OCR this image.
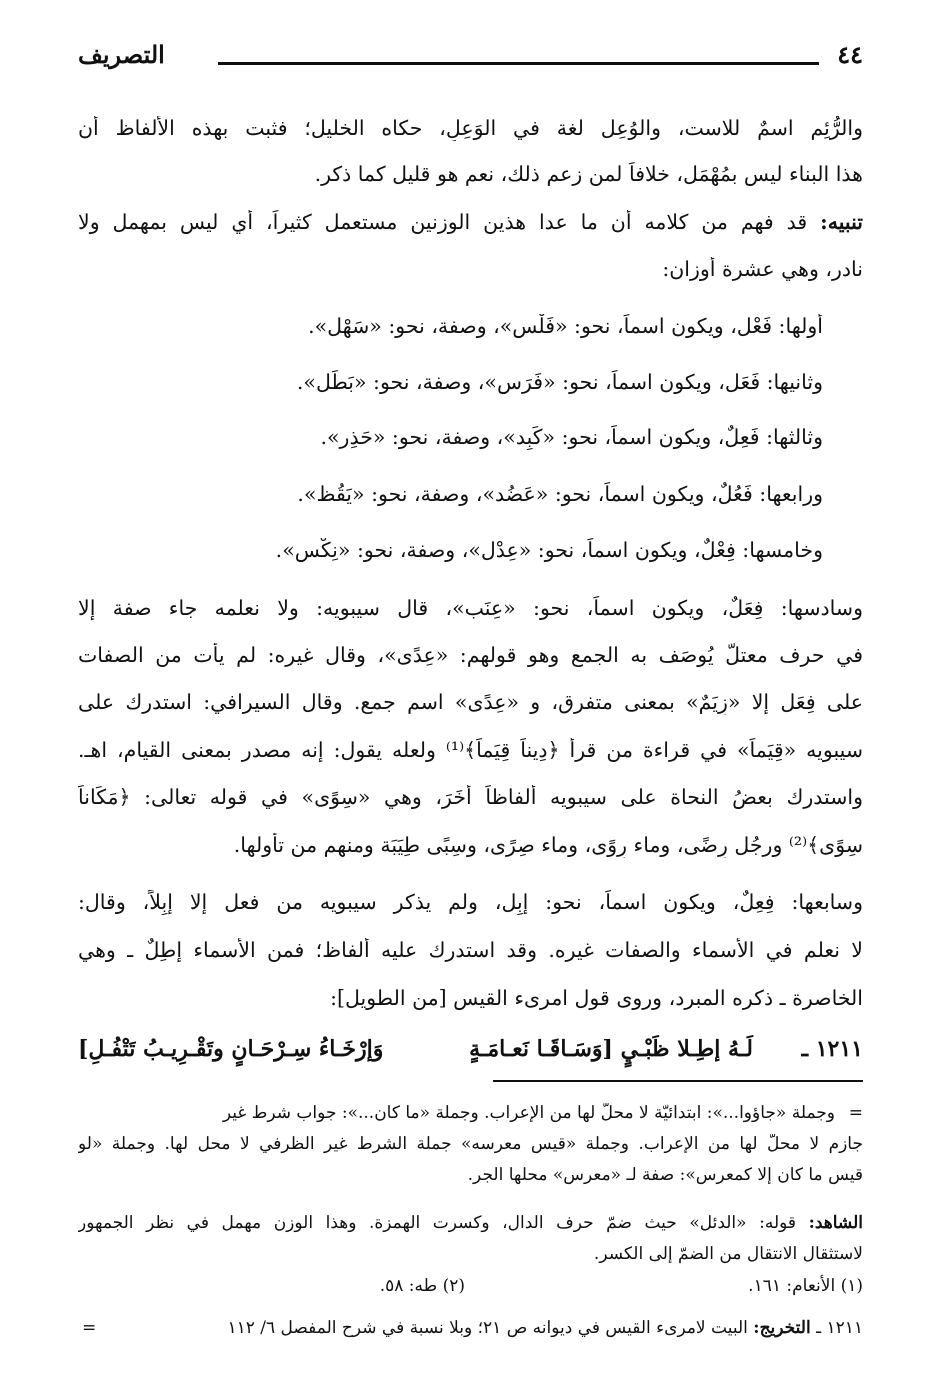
٤٤
التصريف
والرُّئِم اسمٌ للاست، والوُعِل لغة في الوَعِلِ، حكاه الخليل؛ فثبت بهذه الألفاظ أن
هذا البناء ليس بمُهْمَل، خلافاً لمن زعم ذلك، نعم هو قليل كما ذكر.
تنبيه: قد فهم من كلامه أن ما عدا هذين الوزنين مستعمل كثيراً، أي ليس بمهمل ولا
نادر، وهي عشرة أوزان:
أولها: فَعْل، ويكون اسماً، نحو: «فَلْس»، وصفة، نحو: «سَهْل».
وثانيها: فَعَل، ويكون اسماً، نحو: «فَرَس»، وصفة، نحو: «بَطَل».
وثالثها: فَعِلٌ، ويكون اسماً، نحو: «كَبِد»، وصفة، نحو: «حَذِر».
ورابعها: فَعُلٌ، ويكون اسماً، نحو: «عَضُد»، وصفة، نحو: «يَقُظ».
وخامسها: فِعْلٌ، ويكون اسماً، نحو: «عِدْل»، وصفة، نحو: «نِكْس».
وسادسها: فِعَلٌ، ويكون اسماً، نحو: «عِنَب»، قال سيبويه: ولا نعلمه جاء صفة إلا
في حرف معتلّ يُوصَف به الجمع وهو قولهم: «عِدًى»، وقال غيره: لم يأت من الصفات
على فِعَل إلا «زِيَمٌ» بمعنى متفرق، و «عِدًى» اسم جمع. وقال السيرافي: استدرك على
سيبويه «قِيَماً» في قراءة من قرأ ﴿دِيناً قِيَماً﴾⁽¹⁾ ولعله يقول: إنه مصدر بمعنى القيام، اهـ.
واستدرك بعضُ النحاة على سيبويه ألفاظاً أُخَرَ، وهي «سِوًى» في قوله تعالى: ﴿مَكَاناً
سِوًى﴾⁽²⁾ ورجُل رِضًى، وماء رِوًى، وماء صِرًى، وسِبًى طِيَبَة ومنهم من تأولها.
وسابعها: فِعِلٌ، ويكون اسماً، نحو: إبِل، ولم يذكر سيبويه من فعل إلا إبِلاً، وقال:
لا نعلم في الأسماء والصفات غيره. وقد استدرك عليه ألفاظ؛ فمن الأسماء إطِلٌ ـ وهي
الخاصرة ـ ذكره المبرد، وروى قول امرىء القيس [من الطويل]:
١٢١١ ـ
لَـهُ إطِـلا ظَبْـيٍ [وَسَـاقَـا نَعـامَـةٍ
وَإرْخَـاءُ سِـرْحَـانٍ وتَقْـرِيـبُ تَتْفُـلِ]
وجملة «جاؤوا...»: ابتدائيّة لا محلّ لها من الإعراب. وجملة «ما كان...»: جواب شرط غير =
جازم لا محلّ لها من الإعراب. وجملة «قيس معرسه» جملة الشرط غير الظرفي لا محل لها. وجملة «لو
قيس ما كان إلا كمعرس»: صفة لـ «معرس» محلها الجر.
الشاهد: قوله: «الدئل» حيث ضمّ حرف الدال، وكسرت الهمزة. وهذا الوزن مهمل في نظر الجمهور
لاستثقال الانتقال من الضمّ إلى الكسر.
(١) الأنعام: ١٦١.
(٢) طه: ٥٨.
١٢١١ ـ التخريج: البيت لامرىء القيس في ديوانه ص ٢١؛ وبلا نسبة في شرح المفصل ٦/ ١١٢
=
